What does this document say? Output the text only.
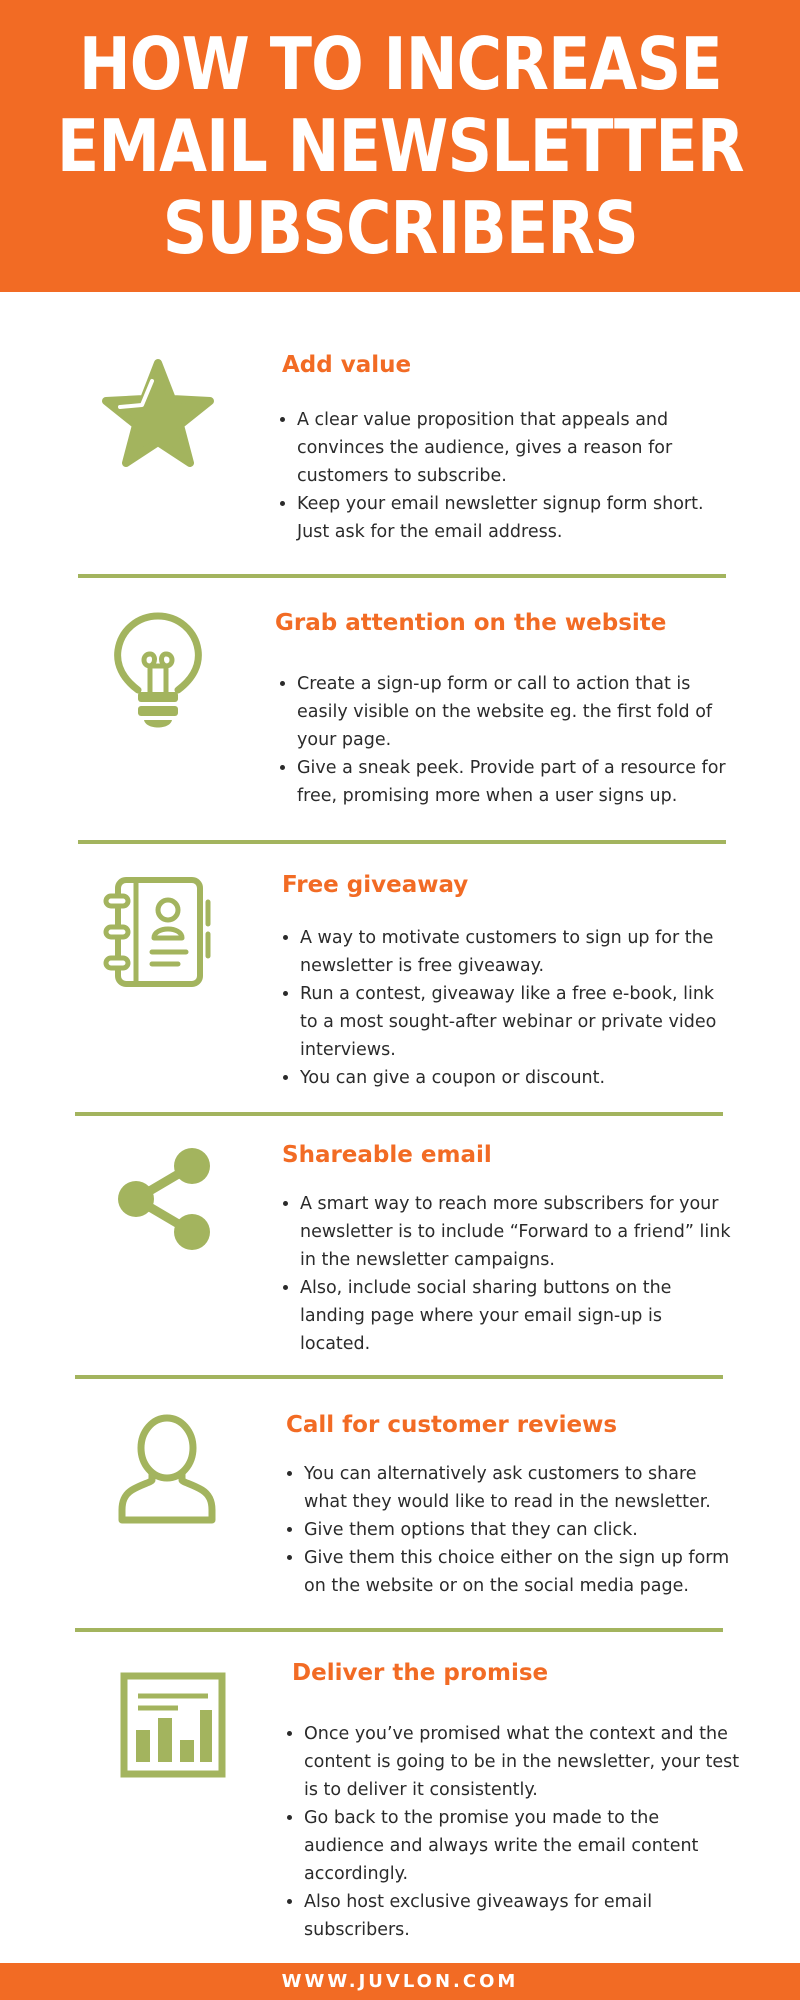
HOW TO INCREASE
EMAIL NEWSLETTER
SUBSCRIBERS
Add value
• A clear value proposition that appeals and convinces the audience, gives a reason for customers to subscribe.
• Keep your email newsletter signup form short. Just ask for the email address.
Grab attention on the website
• Create a sign-up form or call to action that is easily visible on the website eg. the first fold of your page.
• Give a sneak peek. Provide part of a resource for free, promising more when a user signs up.
Free giveaway
• A way to motivate customers to sign up for the newsletter is free giveaway.
• Run a contest, giveaway like a free e-book, link to a most sought-after webinar or private video interviews.
• You can give a coupon or discount.
Shareable email
• A smart way to reach more subscribers for your newsletter is to include “Forward to a friend” link in the newsletter campaigns.
• Also, include social sharing buttons on the landing page where your email sign-up is located.
Call for customer reviews
• You can alternatively ask customers to share what they would like to read in the newsletter.
• Give them options that they can click.
• Give them this choice either on the sign up form on the website or on the social media page.
Deliver the promise
• Once you’ve promised what the context and the content is going to be in the newsletter, your test is to deliver it consistently.
• Go back to the promise you made to the audience and always write the email content accordingly.
• Also host exclusive giveaways for email subscribers.
WWW.JUVLON.COM
